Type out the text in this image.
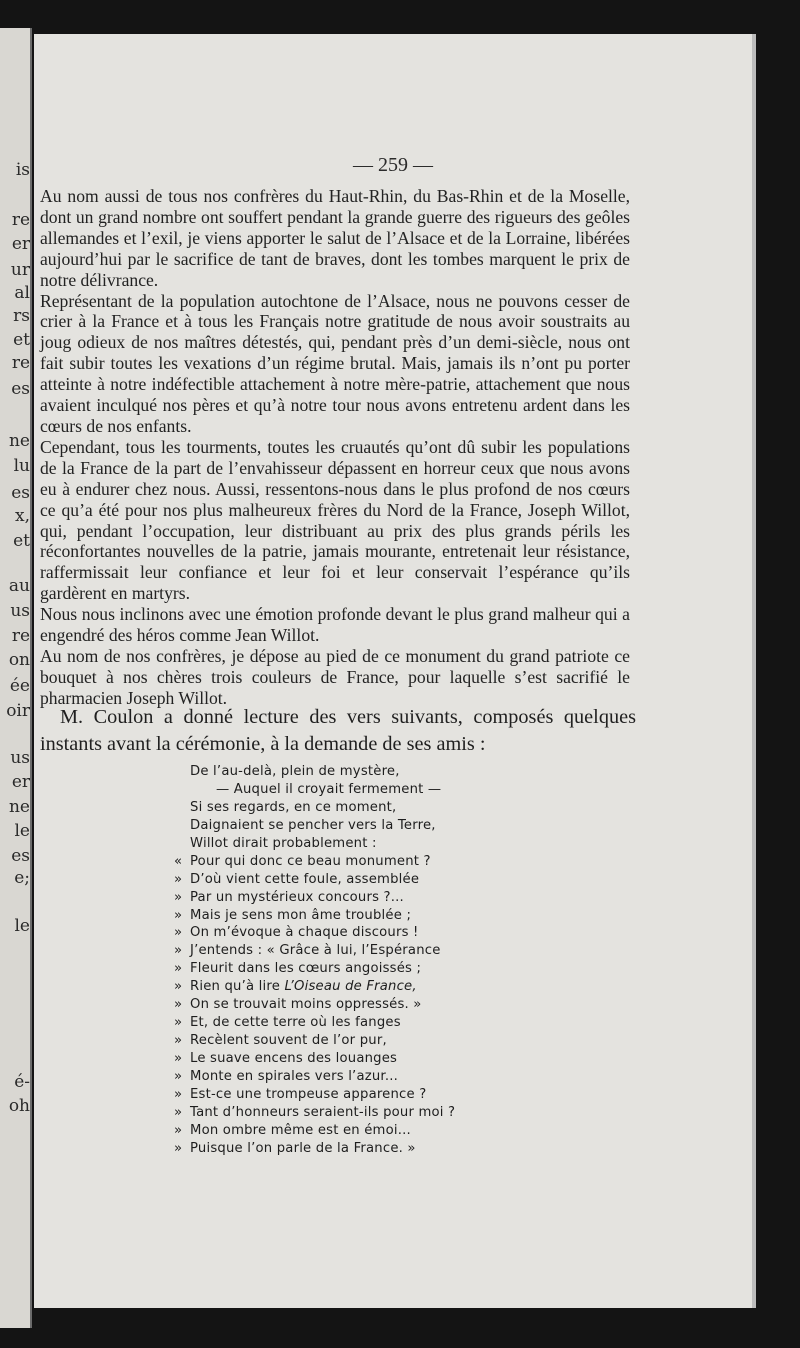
is
re
er
ur
al
rs
et
re
es
ne
lu
es
x,
et
au
us
re
on
ée
oir
us
er
ne
le
es
e;
le
é-
oh
— 259 —

Au nom aussi de tous nos confrères du Haut-Rhin, du Bas-Rhin et de la Moselle, dont un grand nombre ont souffert pendant la grande guerre des rigueurs des geôles allemandes et l’exil, je viens apporter le salut de l’Alsace et de la Lorraine, libérées aujourd’hui par le sacrifice de tant de braves, dont les tombes marquent le prix de notre délivrance.

Représentant de la population autochtone de l’Alsace, nous ne pouvons cesser de crier à la France et à tous les Français notre gratitude de nous avoir soustraits au joug odieux de nos maîtres détestés, qui, pendant près d’un demi-siècle, nous ont fait subir toutes les vexations d’un régime brutal. Mais, jamais ils n’ont pu porter atteinte à notre indéfectible attachement à notre mère-patrie, attachement que nous avaient inculqué nos pères et qu’à notre tour nous avons entretenu ardent dans les cœurs de nos enfants.

Cependant, tous les tourments, toutes les cruautés qu’ont dû subir les populations de la France de la part de l’envahisseur dépassent en horreur ceux que nous avons eu à endurer chez nous. Aussi, ressentons-nous dans le plus profond de nos cœurs ce qu’a été pour nos plus malheureux frères du Nord de la France, Joseph Willot, qui, pendant l’occupation, leur distribuant au prix des plus grands périls les réconfortantes nouvelles de la patrie, jamais mourante, entretenait leur résistance, raffermissait leur confiance et leur foi et leur conservait l’espérance qu’ils gardèrent en martyrs.

Nous nous inclinons avec une émotion profonde devant le plus grand malheur qui a engendré des héros comme Jean Willot.

Au nom de nos confrères, je dépose au pied de ce monument du grand patriote ce bouquet à nos chères trois couleurs de France, pour laquelle s’est sacrifié le pharmacien Joseph Willot.

M. Coulon a donné lecture des vers suivants, composés quelques instants avant la cérémonie, à la demande de ses amis :

De l’au-delà, plein de mystère,
— Auquel il croyait fermement —
Si ses regards, en ce moment,
Daignaient se pencher vers la Terre,
Willot dirait probablement :
« Pour qui donc ce beau monument ?
» D’où vient cette foule, assemblée
» Par un mystérieux concours ?...
» Mais je sens mon âme troublée ;
» On m’évoque à chaque discours !
» J’entends : « Grâce à lui, l’Espérance
» Fleurit dans les cœurs angoissés ;
» Rien qu’à lire L’Oiseau de France,
» On se trouvait moins oppressés. »
» Et, de cette terre où les fanges
» Recèlent souvent de l’or pur,
» Le suave encens des louanges
» Monte en spirales vers l’azur...
» Est-ce une trompeuse apparence ?
» Tant d’honneurs seraient-ils pour moi ?
» Mon ombre même est en émoi...
» Puisque l’on parle de la France. »
